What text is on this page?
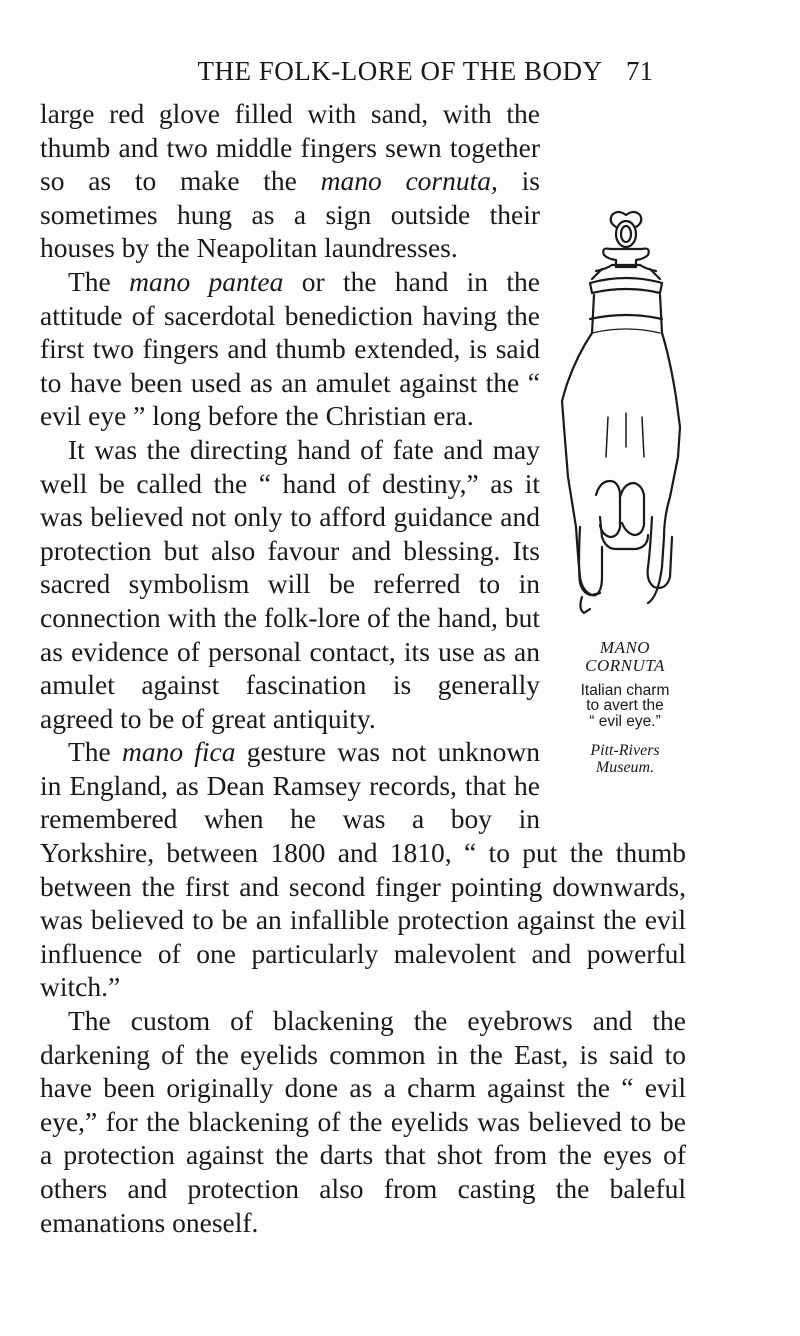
THE FOLK-LORE OF THE BODY 71
MANO
CORNUTA
Italian charm
to avert the
“ evil eye.”
Pitt-Rivers
Museum.

large red glove filled with sand, with the thumb and two middle fingers sewn together so as to make the mano cornuta, is sometimes hung as a sign outside their houses by the Neapolitan laundresses.

The mano pantea or the hand in the attitude of sacerdotal benediction having the first two fingers and thumb extended, is said to have been used as an amulet against the “ evil eye ” long before the Christian era.

It was the directing hand of fate and may well be called the “ hand of destiny,” as it was believed not only to afford guidance and protection but also favour and blessing. Its sacred symbolism will be referred to in connection with the folk-lore of the hand, but as evidence of personal contact, its use as an amulet against fascination is generally agreed to be of great antiquity.

The mano fica gesture was not unknown in England, as Dean Ramsey records, that he remembered when he was a boy in Yorkshire, between 1800 and 1810, “ to put the thumb between the first and second finger pointing downwards, was believed to be an infallible protection against the evil influence of one particularly malevolent and powerful witch.”

The custom of blackening the eyebrows and the darkening of the eyelids common in the East, is said to have been originally done as a charm against the “ evil eye,” for the blackening of the eyelids was believed to be a protection against the darts that shot from the eyes of others and protection also from casting the baleful emanations oneself.
